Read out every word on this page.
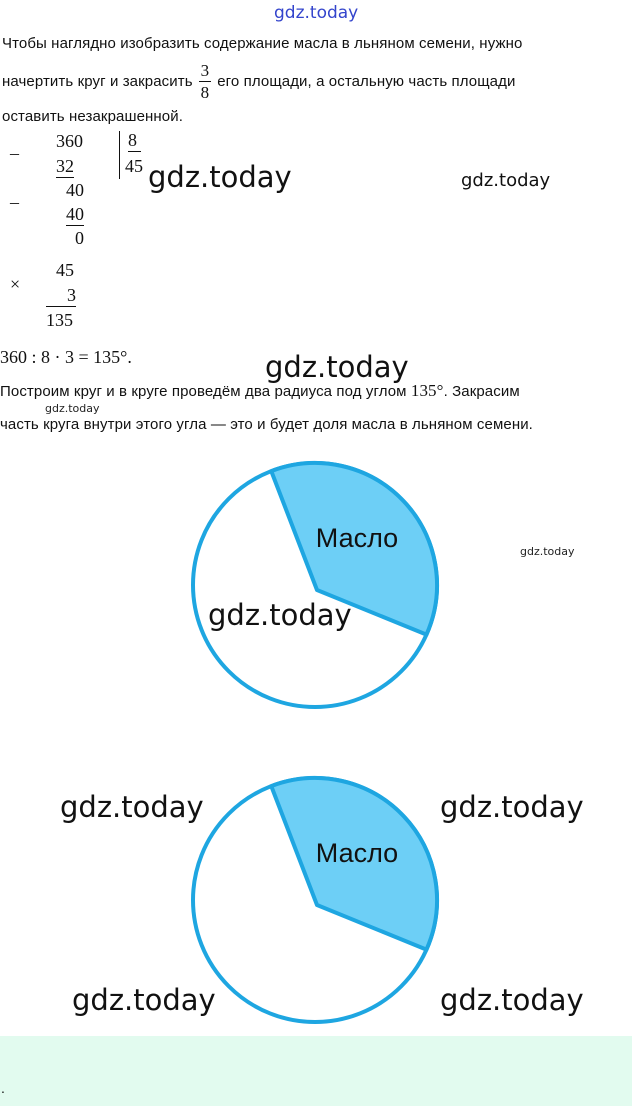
gdz.today
Чтобы наглядно изобразить содержание масла в льняном семени, нужно
начертить круг и закрасить $\frac{3}{8}$ его площади, а остальную часть площади
оставить незакрашенной.
–
360	8
32	45
40
–
40
0
gdz.today	gdz.today
×
45
3
135
360 : 8 · 3 = 135°.	gdz.today
Построим круг и в круге проведём два радиуса под углом 135°. Закрасим
gdz.today
часть круга внутри этого угла — это и будет доля масла в льняном семени.
Масло	gdz.today
gdz.today
Масло
gdz.today	gdz.today
gdz.today	gdz.today
.
